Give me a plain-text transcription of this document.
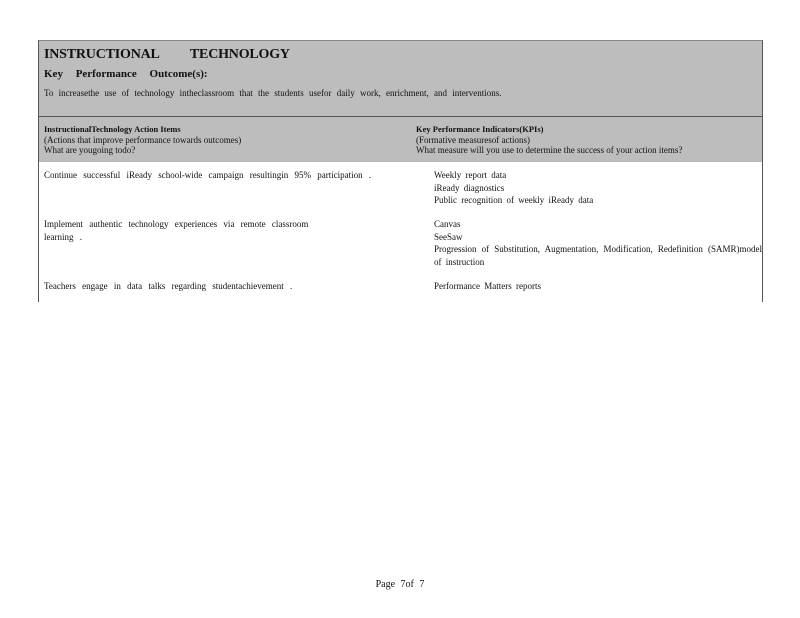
INSTRUCTIONAL TECHNOLOGY
Key Performance Outcome(s):
To increasethe use of technology intheclassroom that the students usefor daily work, enrichment, and interventions.
InstructionalTechnology Action Items
(Actions that improve performance towards outcomes)
What are yougoing todo?
Key Performance Indicators(KPIs)
(Formative measuresof actions)
What measure will you use to determine the success of your action items?
Continue successful iReady school-wide campaign resultingin 95% participation .	Weekly report data
iReady diagnostics
Public recognition of weekly iReady data
Implement authentic technology experiences via remote classroom learning .
Canvas
SeeSaw
Progression of Substitution, Augmentation, Modification, Redefinition (SAMR)model of instruction
Teachers engage in data talks regarding studentachievement .	Performance Matters reports
Page 7of 7
